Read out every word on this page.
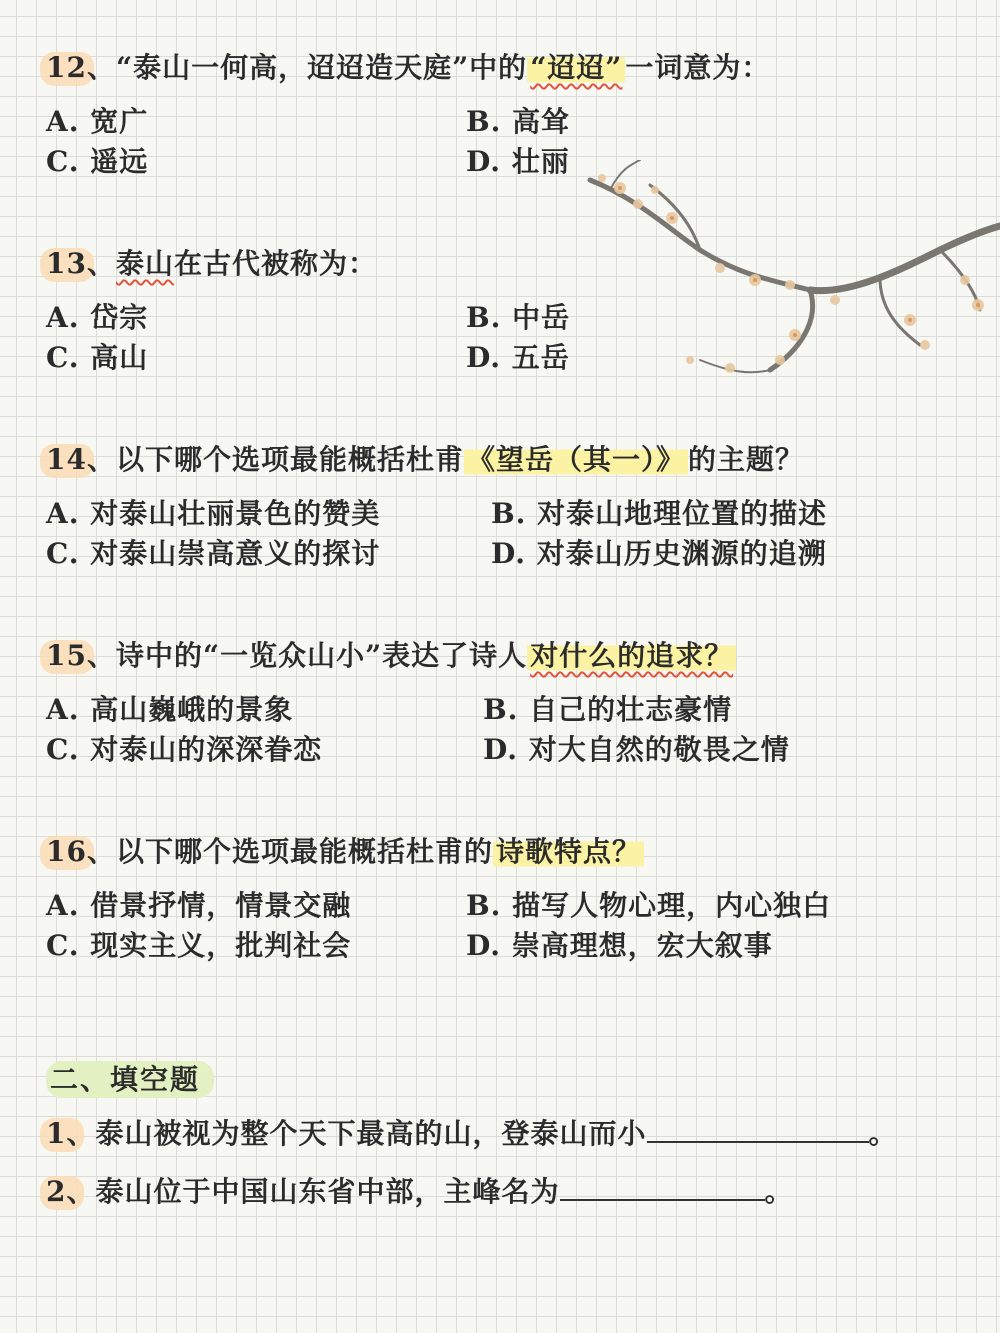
12、“泰山一何高，迢迢造天庭”中的 “迢迢” 一词意为：
A. 宽广	B. 高耸
C. 遥远	D. 壮丽
13、泰山在古代被称为：
A. 岱宗	B. 中岳
C. 高山	D. 五岳
14、以下哪个选项最能概括杜甫 《望岳（其一）》 的主题？
A. 对泰山壮丽景色的赞美	B. 对泰山地理位置的描述
C. 对泰山崇高意义的探讨	D. 对泰山历史渊源的追溯
15、诗中的“一览众山小”表达了诗人 对什么的追求？
A. 高山巍峨的景象	B. 自己的壮志豪情
C. 对泰山的深深眷恋	D. 对大自然的敬畏之情
16、以下哪个选项最能概括杜甫的 诗歌特点？
A. 借景抒情，情景交融	B. 描写人物心理，内心独白
C. 现实主义，批判社会	D. 崇高理想，宏大叙事
二、填空题
1、泰山被视为整个天下最高的山，登泰山而小	。
2、泰山位于中国山东省中部，主峰名为	。
